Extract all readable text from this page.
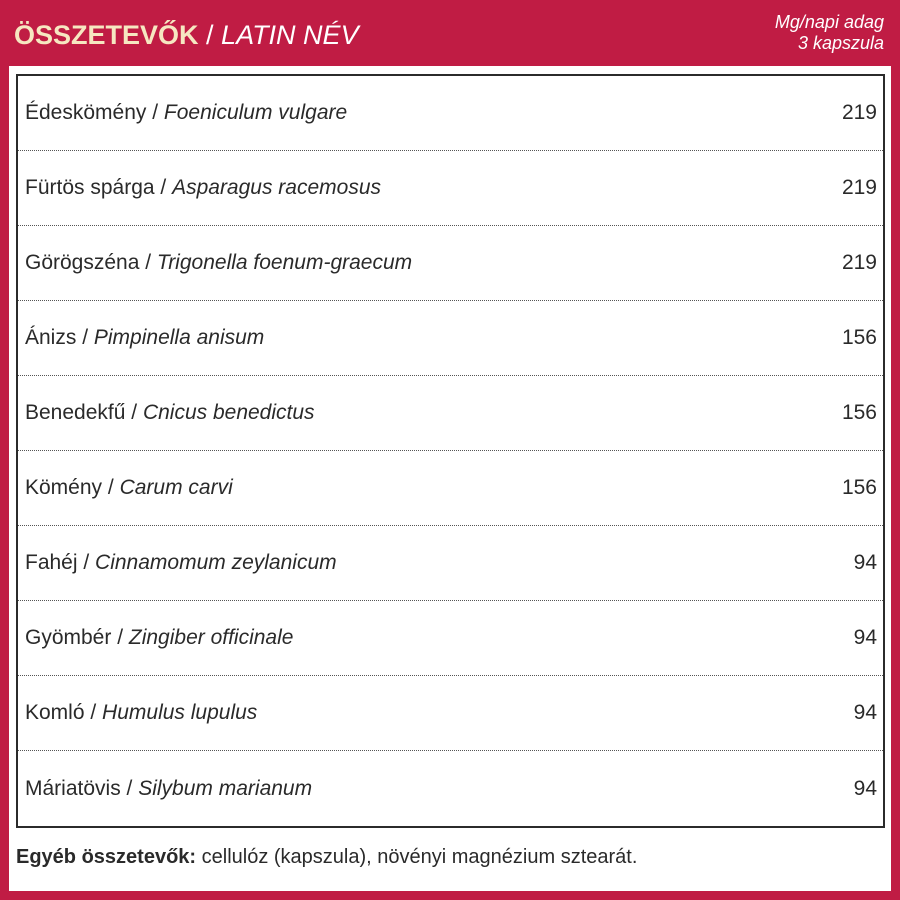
ÖSSZETEVŐK / LATIN NÉV	Mg/napi adag
3 kapszula
Édeskömény / Foeniculum vulgare	219
Fürtös spárga / Asparagus racemosus	219
Görögszéna / Trigonella foenum-graecum	219
Ánizs / Pimpinella anisum	156
Benedekfű / Cnicus benedictus	156
Kömény / Carum carvi	156
Fahéj / Cinnamomum zeylanicum	94
Gyömbér / Zingiber officinale	94
Komló / Humulus lupulus	94
Máriatövis / Silybum marianum	94
Egyéb összetevők: cellulóz (kapszula), növényi magnézium sztearát.
